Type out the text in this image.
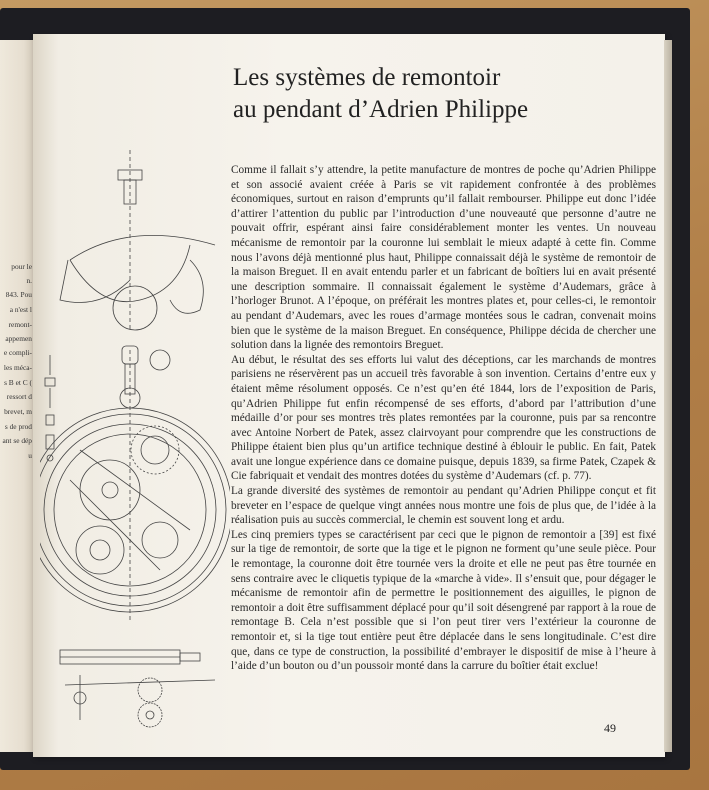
pour le
n.
843. Pou
a n'est l
remont-
appemen
e compli-
les méca-
s B et C (
ressort d
brevet, m
s de prod
ant se dép
u
Les systèmes de remontoir
au pendant d’Adrien Philippe

Comme il fallait s’y attendre, la petite manufacture de montres de poche qu’Adrien Philippe et son associé avaient créée à Paris se vit rapidement confrontée à des problèmes économiques, surtout en raison d’emprunts qu’il fallait rembourser. Philippe eut donc l’idée d’attirer l’attention du public par l’introduction d’une nouveauté que personne d’autre ne pouvait offrir, espérant ainsi faire considérablement monter les ventes. Un nouveau mécanisme de remontoir par la couronne lui semblait le mieux adapté à cette fin. Comme nous l’avons déjà mentionné plus haut, Philippe connaissait déjà le système de remontoir de la maison Breguet. Il en avait entendu parler et un fabricant de boîtiers lui en avait présenté une description sommaire. Il connaissait également le système d’Audemars, grâce à l’horloger Brunot. A l’époque, on préférait les montres plates et, pour celles-ci, le remontoir au pendant d’Audemars, avec les roues d’armage montées sous le cadran, convenait moins bien que le système de la maison Breguet. En conséquence, Philippe décida de chercher une solution dans la lignée des remontoirs Breguet.

Au début, le résultat des ses efforts lui valut des déceptions, car les marchands de montres parisiens ne réservèrent pas un accueil très favorable à son invention. Certains d’entre eux y étaient même résolument opposés. Ce n’est qu’en été 1844, lors de l’exposition de Paris, qu’Adrien Philippe fut enfin récompensé de ses efforts, d’abord par l’attribution d’une médaille d’or pour ses montres très plates remontées par la couronne, puis par sa rencontre avec Antoine Norbert de Patek, assez clairvoyant pour comprendre que les constructions de Philippe étaient bien plus qu’un artifice technique destiné à éblouir le public. En fait, Patek avait une longue expérience dans ce domaine puisque, depuis 1839, sa firme Patek, Czapek & Cie fabriquait et vendait des montres dotées du système d’Audemars (cf. p. 77).

La grande diversité des systèmes de remontoir au pendant qu’Adrien Philippe conçut et fit breveter en l’espace de quelque vingt années nous montre une fois de plus que, de l’idée à la réalisation puis au succès commercial, le chemin est souvent long et ardu.

Les cinq premiers types se caractérisent par ceci que le pignon de remontoir a [39] est fixé sur la tige de remontoir, de sorte que la tige et le pignon ne forment qu’une seule pièce. Pour le remontage, la couronne doit être tournée vers la droite et elle ne peut pas être tournée en sens contraire avec le cliquetis typique de la «marche à vide». Il s’ensuit que, pour dégager le mécanisme de remontoir afin de permettre le positionnement des aiguilles, le pignon de remontoir a doit être suffisamment déplacé pour qu’il soit désengrené par rapport à la roue de remontage B. Cela n’est possible que si l’on peut tirer vers l’extérieur la couronne de remontoir et, si la tige tout entière peut être déplacée dans le sens longitudinale. C’est dire que, dans ce type de construction, la possibilité d’embrayer le dispositif de mise à l’heure à l’aide d’un bouton ou d’un poussoir monté dans la carrure du boîtier était exclue!

49
